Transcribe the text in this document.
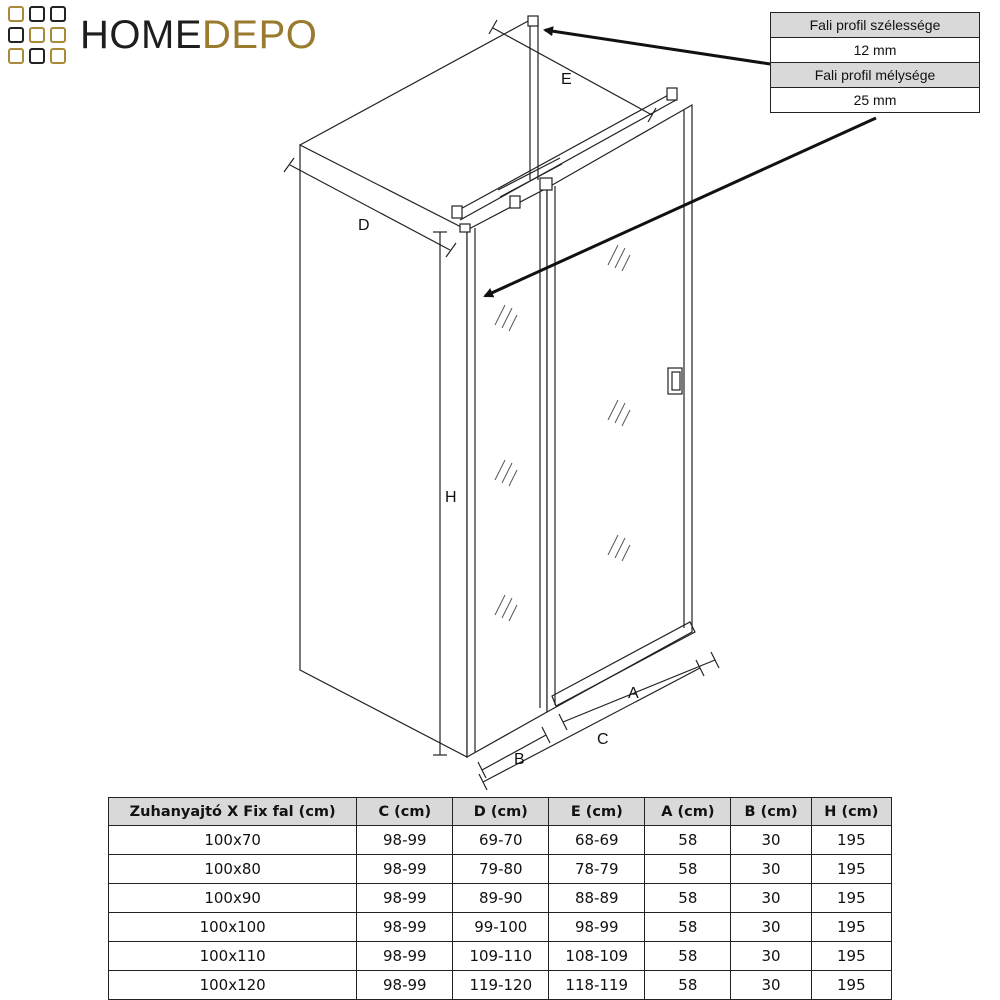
HOMEDEPO	Fali profil szélessége
12 mm
Fali profil mélysége
25 mm
D
E
H
A
C
B
Zuhanyajtó X Fix fal (cm)	C (cm)	D (cm)	E (cm)	A (cm)	B (cm)	H (cm)
100x70	98-99	69-70	68-69	58	30	195
100x80	98-99	79-80	78-79	58	30	195
100x90	98-99	89-90	88-89	58	30	195
100x100	98-99	99-100	98-99	58	30	195
100x110	98-99	109-110	108-109	58	30	195
100x120	98-99	119-120	118-119	58	30	195
